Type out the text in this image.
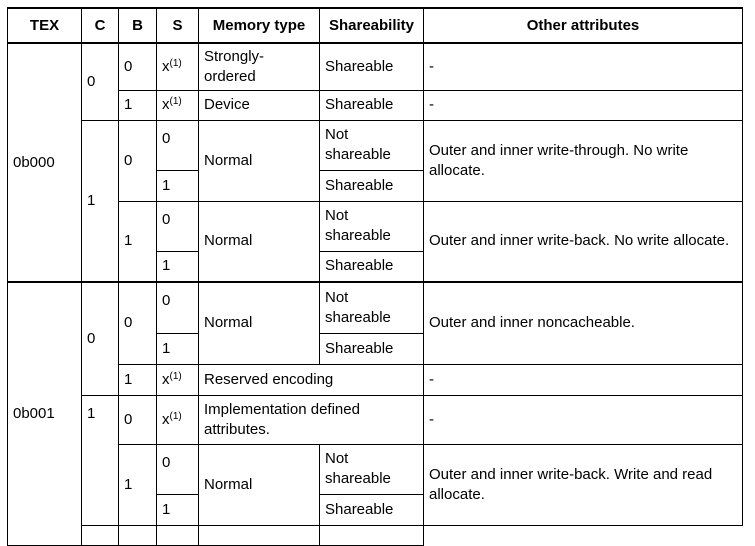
TEX	C	B	S	Memory type	Shareability	Other attributes
0b000	0	0	$x^{(1)}$	Strongly-ordered	Shareable	-
		1	$x^{(1)}$	Device	Shareable	-
	1	0	0	Normal	Not shareable	Outer and inner write-through. No write allocate.
			1		Shareable	
		1	0	Normal	Not shareable	Outer and inner write-back. No write allocate.
			1		Shareable	

0b001	0	0	0	Normal	Not shareable	Outer and inner noncacheable.
			1		Shareable	
		1	$x^{(1)}$	Reserved encoding		-
	1	0	$x^{(1)}$	Implementation defined attributes.		-
		1	0	Normal	Not shareable	Outer and inner write-back. Write and read allocate.
			1		Shareable	
